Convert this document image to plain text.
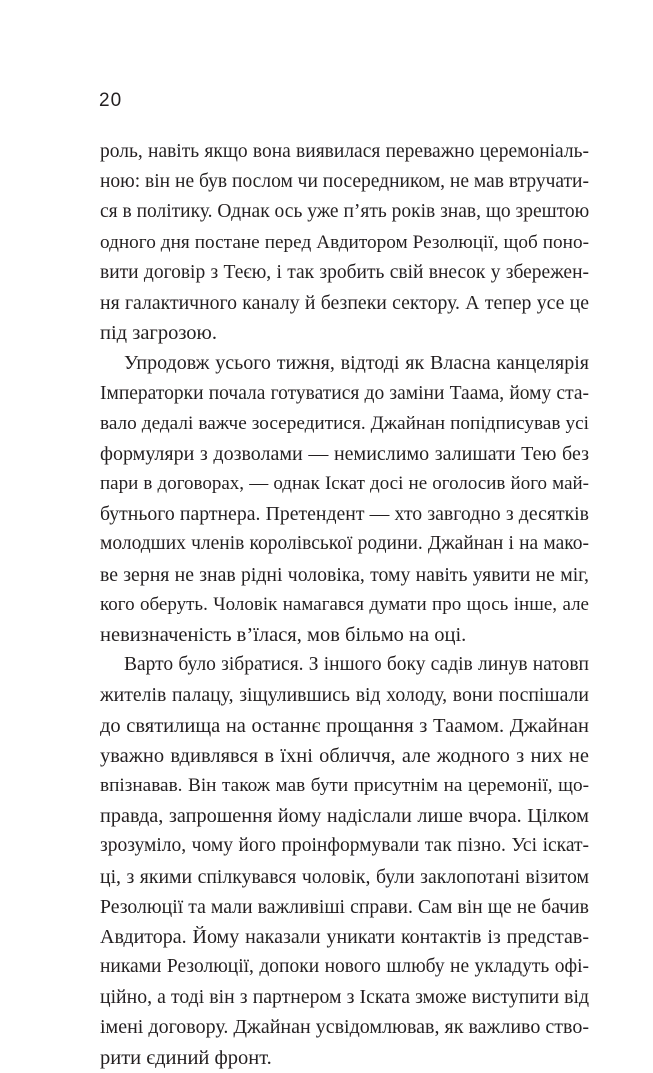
20

роль, навіть якщо вона виявилася переважно церемоніаль-
ною: він не був послом чи посередником, не мав втручати-
ся в політику. Однак ось уже п’ять років знав, що зрештою
одного дня постане перед Авдитором Резолюції, щоб поно-
вити договір з Теєю, і так зробить свій внесок у збережен-
ня галактичного каналу й безпеки сектору. А тепер усе це
під загрозою.

Упродовж усього тижня, відтоді як Власна канцелярія
Імператорки почала готуватися до заміни Таама, йому ста-
вало дедалі важче зосередитися. Джайнан попідписував усі
формуляри з дозволами — немислимо залишати Тею без
пари в договорах, — однак Іскат досі не оголосив його май-
бутнього партнера. Претендент — хто завгодно з десятків
молодших членів королівської родини. Джайнан і на мако-
ве зерня не знав рідні чоловіка, тому навіть уявити не міг,
кого оберуть. Чоловік намагався думати про щось інше, але
невизначеність в’їлася, мов більмо на оці.

Варто було зібратися. З іншого боку садів линув натовп
жителів палацу, зіщулившись від холоду, вони поспішали
до святилища на останнє прощання з Таамом. Джайнан
уважно вдивлявся в їхні обличчя, але жодного з них не
впізнавав. Він також мав бути присутнім на церемонії, що-
правда, запрошення йому надіслали лише вчора. Цілком
зрозуміло, чому його проінформували так пізно. Усі іскат-
ці, з якими спілкувався чоловік, були заклопотані візитом
Резолюції та мали важливіші справи. Сам він ще не бачив
Авдитора. Йому наказали уникати контактів із представ-
никами Резолюції, допоки нового шлюбу не укладуть офі-
ційно, а тоді він з партнером з Іската зможе виступити від
імені договору. Джайнан усвідомлював, як важливо ство-
рити єдиний фронт.
